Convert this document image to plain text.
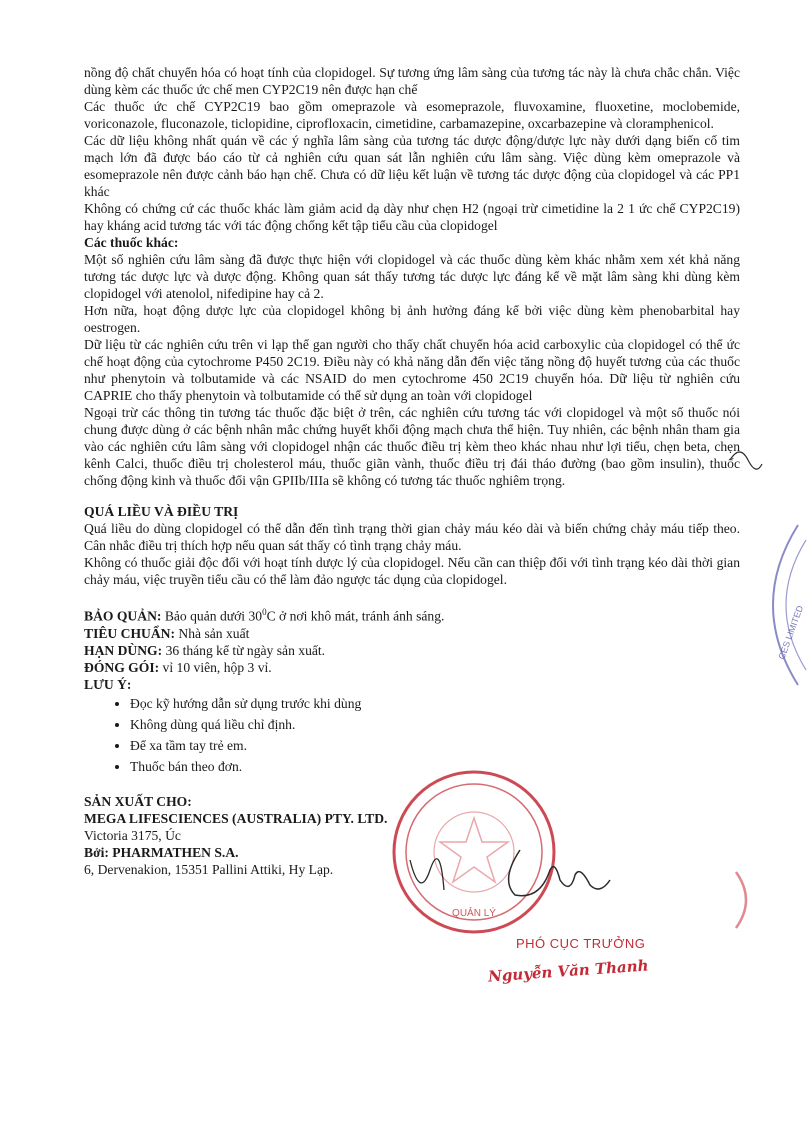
nồng độ chất chuyển hóa có hoạt tính của clopidogel. Sự tương ứng lâm sàng của tương tác này là chưa chắc chắn. Việc dùng kèm các thuốc ức chế men CYP2C19 nên được hạn chế

Các thuốc ức chế CYP2C19 bao gồm omeprazole và esomeprazole, fluvoxamine, fluoxetine, moclobemide, voriconazole, fluconazole, ticlopidine, ciprofloxacin, cimetidine, carbamazepine, oxcarbazepine và cloramphenicol.

Các dữ liệu không nhất quán về các ý nghĩa lâm sàng của tương tác dược động/dược lực này dưới dạng biến cố tim mạch lớn đã được báo cáo từ cả nghiên cứu quan sát lẫn nghiên cứu lâm sàng. Việc dùng kèm omeprazole và esomeprazole nên được cảnh báo hạn chế. Chưa có dữ liệu kết luận về tương tác dược động của clopidogel và các PP1 khác

Không có chứng cứ các thuốc khác làm giảm acid dạ dày như chẹn H2 (ngoại trừ cimetidine la 2 1 ức chế CYP2C19) hay kháng acid tương tác với tác động chống kết tập tiểu cầu của clopidogel

Các thuốc khác:

Một số nghiên cứu lâm sàng đã được thực hiện với clopidogel và các thuốc dùng kèm khác nhằm xem xét khả năng tương tác dược lực và dược động. Không quan sát thấy tương tác dược lực đáng kể về mặt lâm sàng khi dùng kèm clopidogel với atenolol, nifedipine hay cả 2.

Hơn nữa, hoạt động dược lực của clopidogel không bị ảnh hưởng đáng kể bởi việc dùng kèm phenobarbital hay oestrogen.

Dữ liệu từ các nghiên cứu trên vi lạp thể gan người cho thấy chất chuyển hóa acid carboxylic của clopidogel có thể ức chế hoạt động của cytochrome P450 2C19. Điều này có khả năng dẫn đến việc tăng nồng độ huyết tương của các thuốc như phenytoin và tolbutamide và các NSAID do men cytochrome 450 2C19 chuyển hóa. Dữ liệu từ nghiên cứu CAPRIE cho thấy phenytoin và tolbutamide có thể sử dụng an toàn với clopidogel

Ngoại trừ các thông tin tương tác thuốc đặc biệt ở trên, các nghiên cứu tương tác với clopidogel và một số thuốc nói chung được dùng ở các bệnh nhân mắc chứng huyết khối động mạch chưa thể hiện. Tuy nhiên, các bệnh nhân tham gia vào các nghiên cứu lâm sàng với clopidogel nhận các thuốc điều trị kèm theo khác nhau như lợi tiểu, chẹn beta, chẹn kênh Calci, thuốc điều trị cholesterol máu, thuốc giãn vành, thuốc điều trị đái tháo đường (bao gồm insulin), thuốc chống động kinh và thuốc đối vận GPIIb/IIIa sẽ không có tương tác thuốc nghiêm trọng.

QUÁ LIỀU VÀ ĐIỀU TRỊ

Quá liều do dùng clopidogel có thể dẫn đến tình trạng thời gian chảy máu kéo dài và biến chứng chảy máu tiếp theo. Cân nhắc điều trị thích hợp nếu quan sát thấy có tình trạng chảy máu.

Không có thuốc giải độc đối với hoạt tính dược lý của clopidogel. Nếu cần can thiệp đối với tình trạng kéo dài thời gian chảy máu, việc truyền tiểu cầu có thể làm đảo ngược tác dụng của clopidogel.

BẢO QUẢN: Bảo quản dưới $30^0C$ ở nơi khô mát, tránh ánh sáng.

TIÊU CHUẨN: Nhà sản xuất

HẠN DÙNG: 36 tháng kể từ ngày sản xuất.

ĐÓNG GÓI: vỉ 10 viên, hộp 3 vỉ.

LƯU Ý:

• Đọc kỹ hướng dẫn sử dụng trước khi dùng
• Không dùng quá liều chỉ định.
• Để xa tầm tay trẻ em.
• Thuốc bán theo đơn.

SẢN XUẤT CHO:

MEGA LIFESCIENCES (AUSTRALIA) PTY. LTD.

Victoria 3175, Úc

Bởi: PHARMATHEN S.A.

6, Dervenakion, 15351 Pallini Attiki, Hy Lạp.

QUẢN LÝ
CES LIMITED
PHÓ CỤC TRƯỞNG
Nguyễn Văn Thanh
